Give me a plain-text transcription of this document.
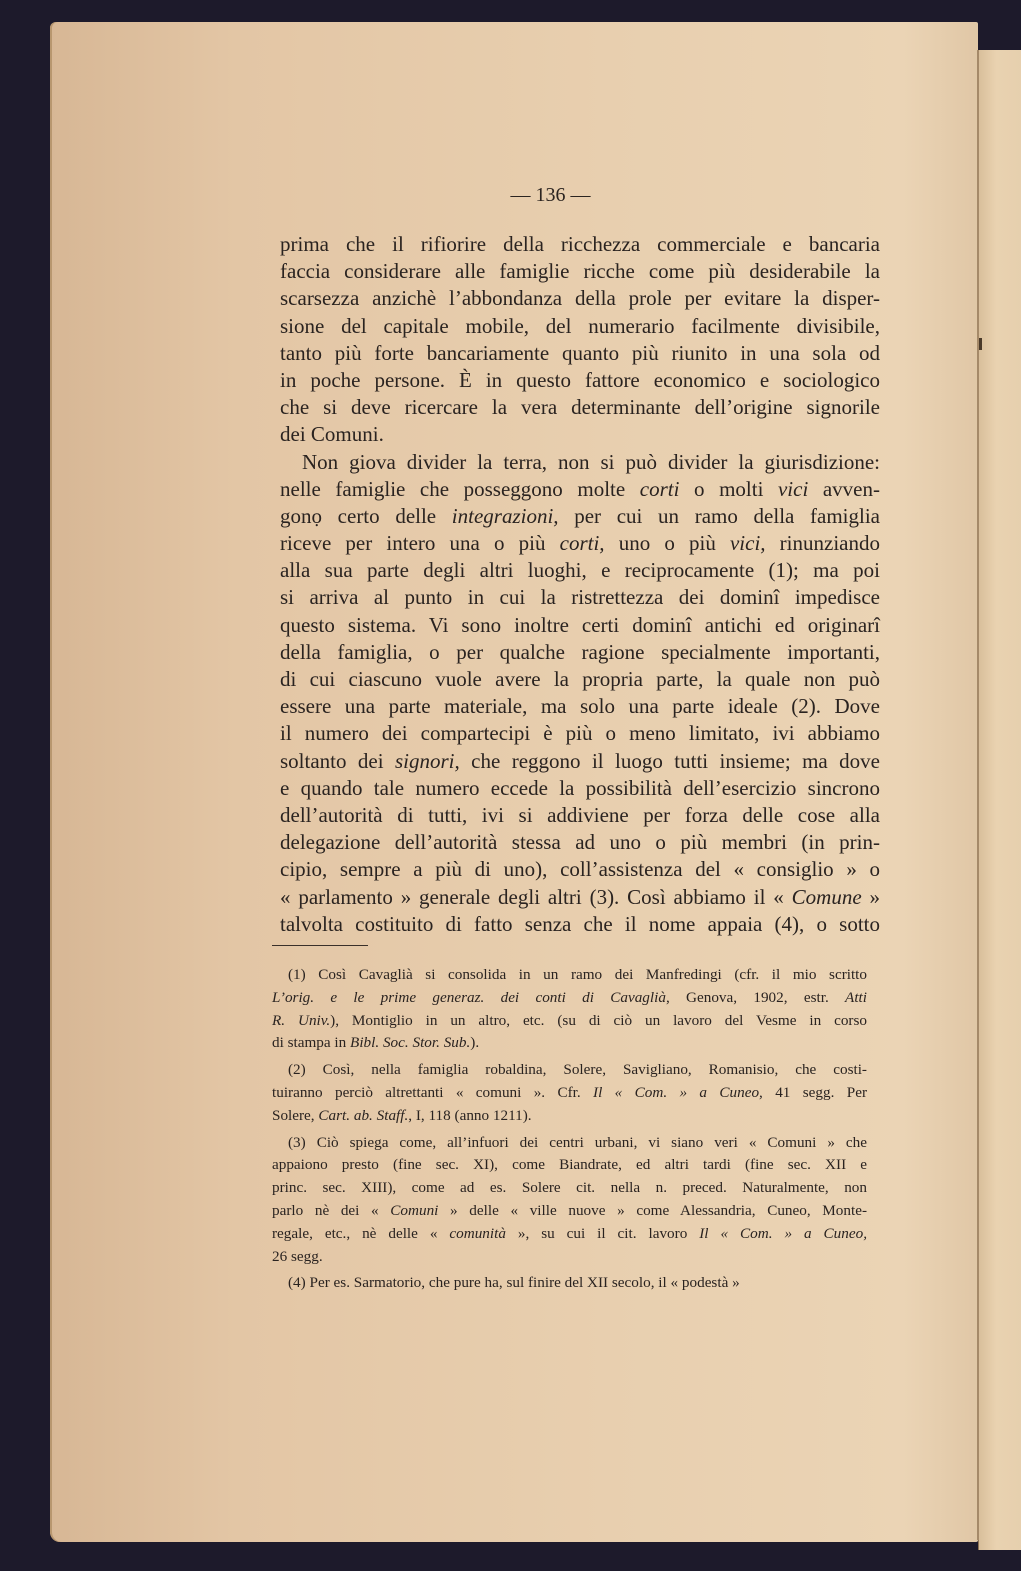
— 136 —
prima che il rifiorire della ricchezza commerciale e bancaria
faccia considerare alle famiglie ricche come più desiderabile la
scarsezza anzichè l’abbondanza della prole per evitare la disper-
sione del capitale mobile, del numerario facilmente divisibile,
tanto più forte bancariamente quanto più riunito in una sola od
in poche persone. È in questo fattore economico e sociologico
che si deve ricercare la vera determinante dell’origine signorile
dei Comuni.
Non giova divider la terra, non si può divider la giurisdizione:
nelle famiglie che posseggono molte corti o molti vici avven-
gonọ certo delle integrazioni, per cui un ramo della famiglia
riceve per intero una o più corti, uno o più vici, rinunziando
alla sua parte degli altri luoghi, e reciprocamente (1); ma poi
si arriva al punto in cui la ristrettezza dei dominî impedisce
questo sistema. Vi sono inoltre certi dominî antichi ed originarî
della famiglia, o per qualche ragione specialmente importanti,
di cui ciascuno vuole avere la propria parte, la quale non può
essere una parte materiale, ma solo una parte ideale (2). Dove
il numero dei compartecipi è più o meno limitato, ivi abbiamo
soltanto dei signori, che reggono il luogo tutti insieme; ma dove
e quando tale numero eccede la possibilità dell’esercizio sincrono
dell’autorità di tutti, ivi si addiviene per forza delle cose alla
delegazione dell’autorità stessa ad uno o più membri (in prin-
cipio, sempre a più di uno), coll’assistenza del « consiglio » o
« parlamento » generale degli altri (3). Così abbiamo il « Comune »
talvolta costituito di fatto senza che il nome appaia (4), o sotto
(1) Così Cavaglià si consolida in un ramo dei Manfredingi (cfr. il mio scritto
L’orig. e le prime generaz. dei conti di Cavaglià, Genova, 1902, estr. Atti
R. Univ.), Montiglio in un altro, etc. (su di ciò un lavoro del Vesme in corso
di stampa in Bibl. Soc. Stor. Sub.).
(2) Così, nella famiglia robaldina, Solere, Savigliano, Romanisio, che costi-
tuiranno perciò altrettanti « comuni ». Cfr. Il « Com. » a Cuneo, 41 segg. Per
Solere, Cart. ab. Staff., I, 118 (anno 1211).
(3) Ciò spiega come, all’infuori dei centri urbani, vi siano veri « Comuni » che
appaiono presto (fine sec. XI), come Biandrate, ed altri tardi (fine sec. XII e
princ. sec. XIII), come ad es. Solere cit. nella n. preced. Naturalmente, non
parlo nè dei « Comuni » delle « ville nuove » come Alessandria, Cuneo, Monte-
regale, etc., nè delle « comunità », su cui il cit. lavoro Il « Com. » a Cuneo,
26 segg.
(4) Per es. Sarmatorio, che pure ha, sul finire del XII secolo, il « podestà »
